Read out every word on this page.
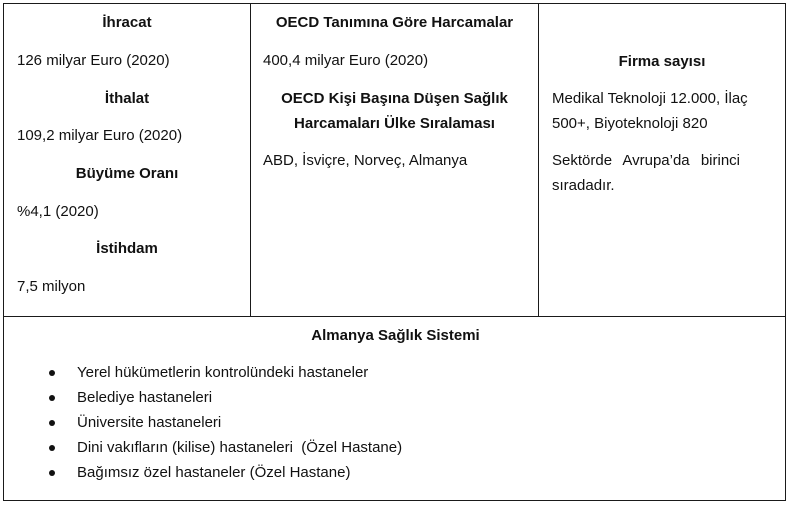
İhracat
126 milyar Euro (2020)
İthalat
109,2 milyar Euro (2020)
Büyüme Oranı
%4,1 (2020)
İstihdam
7,5 milyon

OECD Tanımına Göre Harcamalar
400,4 milyar Euro (2020)
OECD Kişi Başına Düşen Sağlık
Harcamaları Ülke Sıralaması
ABD, İsviçre, Norveç, Almanya

Firma sayısı
Medikal Teknoloji 12.000, İlaç
500+, Biyoteknoloji 820
Sektörde Avrupa’da birinci
sıradadır.

Almanya Sağlık Sistemi
Yerel hükümetlerin kontrolündeki hastaneler
Belediye hastaneleri
Üniversite hastaneleri
Dini vakıfların (kilise) hastaneleri  (Özel Hastane)
Bağımsız özel hastaneler (Özel Hastane)
